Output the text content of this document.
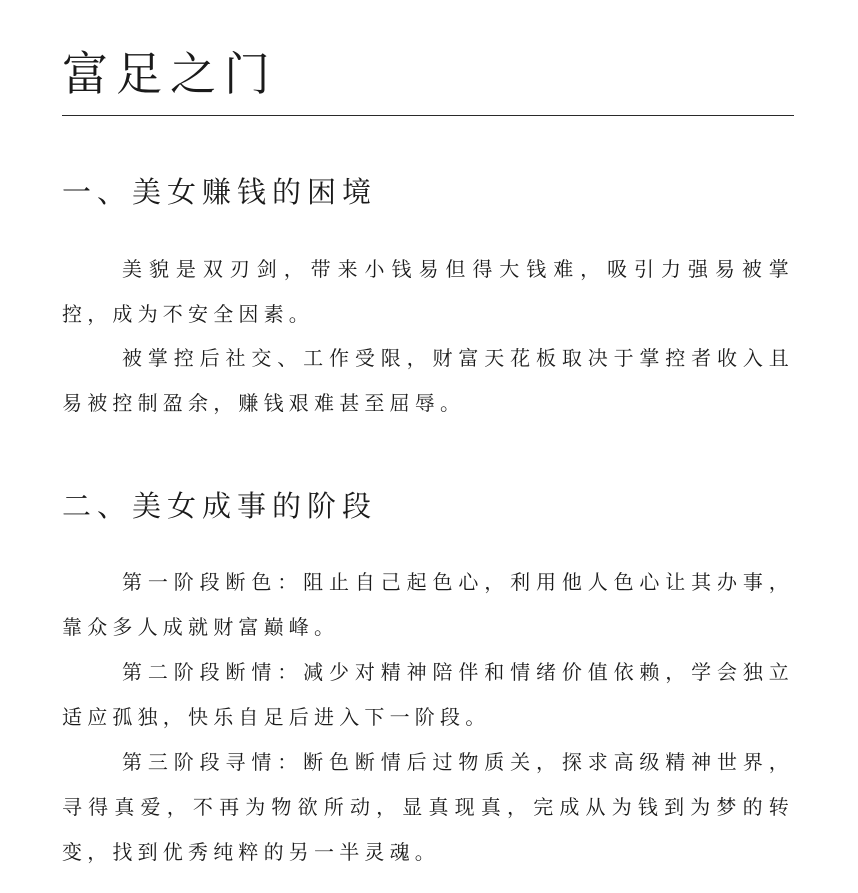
富足之门
一、美女赚钱的困境

美貌是双刃剑，带来小钱易但得大钱难，吸引力强易被掌控，成为不安全因素。

被掌控后社交、工作受限，财富天花板取决于掌控者收入且易被控制盈余，赚钱艰难甚至屈辱。

二、美女成事的阶段

第一阶段断色：阻止自己起色心，利用他人色心让其办事，靠众多人成就财富巅峰。

第二阶段断情：减少对精神陪伴和情绪价值依赖，学会独立适应孤独，快乐自足后进入下一阶段。

第三阶段寻情：断色断情后过物质关，探求高级精神世界，寻得真爱，不再为物欲所动，显真现真，完成从为钱到为梦的转变，找到优秀纯粹的另一半灵魂。
